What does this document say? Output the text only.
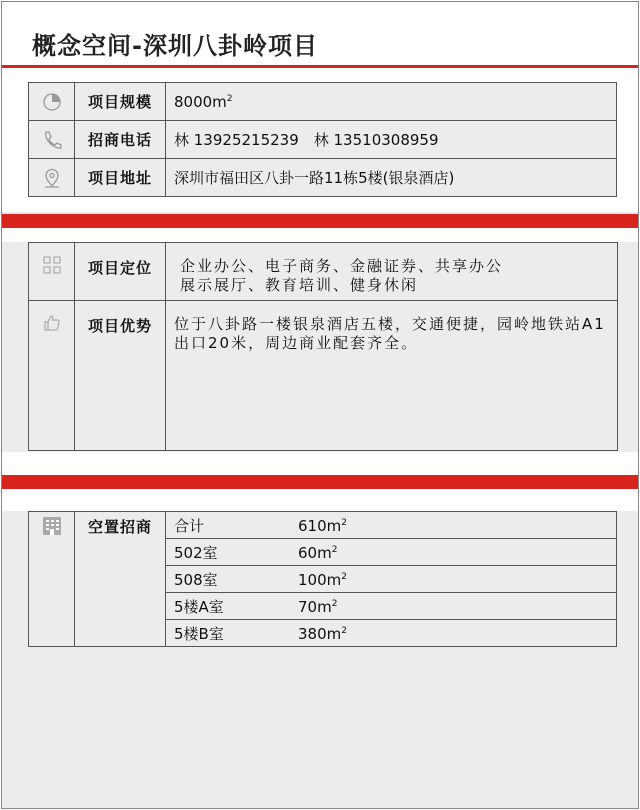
概念空间-深圳八卦岭项目
	项目规模	$8000m^2$
	招商电话	林 13925215239　林 13510308959
	项目地址	深圳市福田区八卦一路11栋5楼(银泉酒店)
	项目定位	企业办公、电子商务、金融证券、共享办公
展示展厅、教育培训、健身休闲

	项目优势	位于八卦路一楼银泉酒店五楼，交通便捷，园岭地铁站A1出口20米，周边商业配套齐全。
	空置招商	合计	$610m^2$
502室	$60m^2$
508室	$100m^2$
5楼A室	$70m^2$
5楼B室	$380m^2$
